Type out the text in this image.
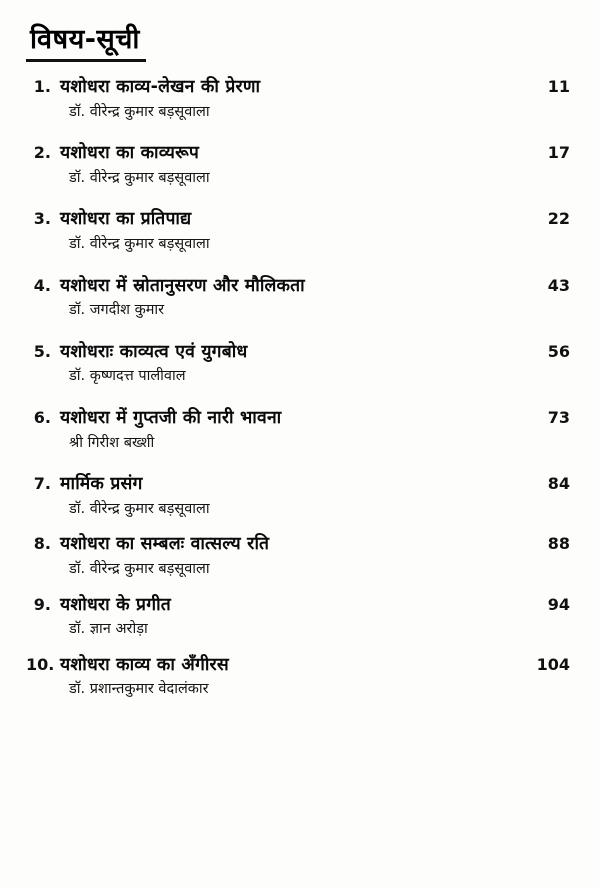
विषय-सूची
1. यशोधरा काव्य-लेखन की प्रेरणा	11
डॉ. वीरेन्द्र कुमार बड़सूवाला
2. यशोधरा का काव्यरूप	17
डॉ. वीरेन्द्र कुमार बड़सूवाला
3. यशोधरा का प्रतिपाद्य	22
डॉ. वीरेन्द्र कुमार बड़सूवाला
4. यशोधरा में स्रोतानुसरण और मौलिकता	43
डॉ. जगदीश कुमार
5. यशोधराः काव्यत्व एवं युगबोध	56
डॉ. कृष्णदत्त पालीवाल
6. यशोधरा में गुप्तजी की नारी भावना	73
श्री गिरीश बख्शी
7. मार्मिक प्रसंग	84
डॉ. वीरेन्द्र कुमार बड़सूवाला
8. यशोधरा का सम्बलः वात्सल्य रति	88
डॉ. वीरेन्द्र कुमार बड़सूवाला
9. यशोधरा के प्रगीत	94
डॉ. ज्ञान अरोड़ा
10. यशोधरा काव्य का अँगीरस	104
डॉ. प्रशान्तकुमार वेदालंकार
